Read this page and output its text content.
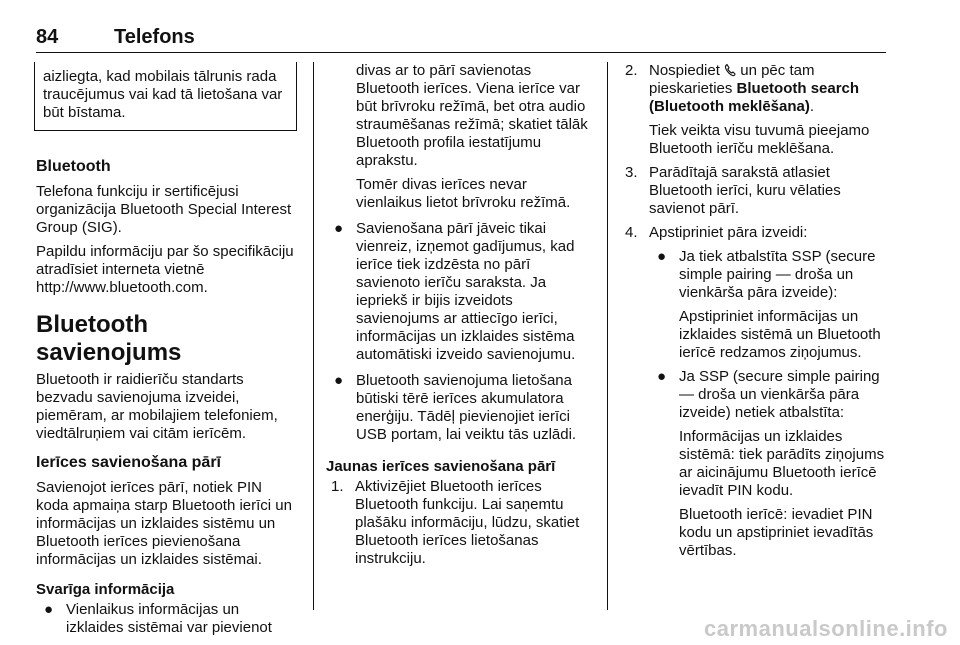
84	Telefons
aizliegta, kad mobilais tālrunis rada traucējumus vai kad tā lietošana var būt bīstama.
Bluetooth

Telefona funkciju ir sertificējusi organizācija Bluetooth Special Interest Group (SIG).

Papildu informāciju par šo specifikāciju atradīsiet interneta vietnē http://www.bluetooth.com.

Bluetooth savienojums

Bluetooth ir raidierīču standarts bezvadu savienojuma izveidei, piemēram, ar mobilajiem telefoniem, viedtālruņiem vai citām ierīcēm.

Ierīces savienošana pārī

Savienojot ierīces pārī, notiek PIN koda apmaiņa starp Bluetooth ierīci un informācijas un izklaides sistēmu un Bluetooth ierīces pievienošana informācijas un izklaides sistēmai.

Svarīga informācija
● Vienlaikus informācijas un izklaides sistēmai var pievienot
divas ar to pārī savienotas Bluetooth ierīces. Viena ierīce var būt brīvroku režīmā, bet otra audio straumēšanas režīmā; skatiet tālāk Bluetooth profila iestatījumu aprakstu.
Tomēr divas ierīces nevar vienlaikus lietot brīvroku režīmā.
● Savienošana pārī jāveic tikai vienreiz, izņemot gadījumus, kad ierīce tiek izdzēsta no pārī savienoto ierīču saraksta. Ja iepriekš ir bijis izveidots savienojums ar attiecīgo ierīci, informācijas un izklaides sistēma automātiski izveido savienojumu.
● Bluetooth savienojuma lietošana būtiski tērē ierīces akumulatora enerģiju. Tādēļ pievienojiet ierīci USB portam, lai veiktu tās uzlādi.
Jaunas ierīces savienošana pārī
1. Aktivizējiet Bluetooth ierīces Bluetooth funkciju. Lai saņemtu plašāku informāciju, lūdzu, skatiet Bluetooth ierīces lietošanas instrukciju.
2. Nospiediet un pēc tam pieskarieties Bluetooth search (Bluetooth meklēšana).
Tiek veikta visu tuvumā pieejamo Bluetooth ierīču meklēšana.
3. Parādītajā sarakstā atlasiet Bluetooth ierīci, kuru vēlaties savienot pārī.
4. Apstipriniet pāra izveidi:
● Ja tiek atbalstīta SSP (secure simple pairing — droša un vienkārša pāra izveide):
Apstipriniet informācijas un izklaides sistēmā un Bluetooth ierīcē redzamos ziņojumus.
● Ja SSP (secure simple pairing — droša un vienkārša pāra izveide) netiek atbalstīta:
Informācijas un izklaides sistēmā: tiek parādīts ziņojums ar aicinājumu Bluetooth ierīcē ievadīt PIN kodu.
Bluetooth ierīcē: ievadiet PIN kodu un apstipriniet ievadītās vērtības.
carmanualsonline.info
